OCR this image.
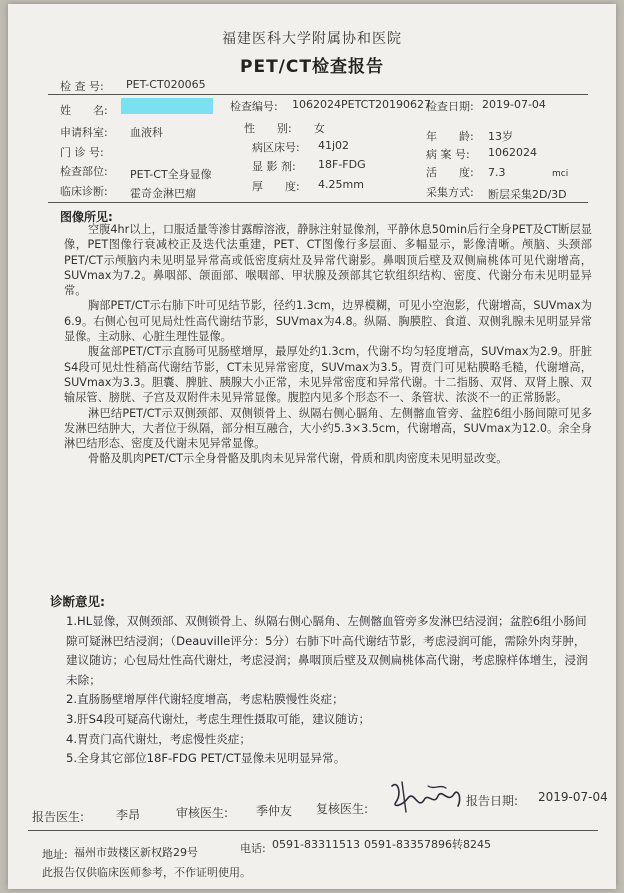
福建医科大学附属协和医院
PET/CT检查报告
检 查 号: PET-CT020065
检查编号: 1062024PETCT20190627
检查日期: 2019-07-04
姓　　名:
性　　别: 女
申请科室: 血液科	年　　龄: 13岁
门 诊 号:	病区床号: 41j02
病 案 号: 1062024
检查部位: PET-CT全身显像
显 影 剂: 18F-FDG
活　　度: 7.3	mci
临床诊断: 霍奇金淋巴瘤
厚　　度: 4.25mm
采集方式: 断层采集2D/3D
图像所见:

空腹4hr以上，口服适量等渗甘露醇溶液，静脉注射显像剂，平静休息50min后行全身PET及CT断层显像，PET图像行衰减校正及迭代法重建，PET、CT图像行多层面、多幅显示，影像清晰。颅脑、头颈部PET/CT示颅脑内未见明显异常高或低密度病灶及异常代谢影。鼻咽顶后壁及双侧扁桃体可见代谢增高，SUVmax为7.2。鼻咽部、颌面部、喉咽部、甲状腺及颈部其它软组织结构、密度、代谢分布未见明显异常。

胸部PET/CT示右肺下叶可见结节影，径约1.3cm，边界模糊，可见小空泡影，代谢增高，SUVmax为6.9。右侧心包可见局灶性高代谢结节影，SUVmax为4.8。纵隔、胸膜腔、食道、双侧乳腺未见明显异常显像。主动脉、心脏生理性显像。

腹盆部PET/CT示直肠可见肠壁增厚，最厚处约1.3cm，代谢不均匀轻度增高，SUVmax为2.9。肝脏S4段可见灶性稍高代谢结节影，CT未见异常密度，SUVmax为3.5。胃贲门可见粘膜略毛糙，代谢增高，SUVmax为3.3。胆囊、脾脏、胰腺大小正常，未见异常密度和异常代谢。十二指肠、双肾、双肾上腺、双输尿管、膀胱、子宫及双附件未见异常显像。腹腔内见多个形态不一、条管状、浓淡不一的正常肠影。

淋巴结PET/CT示双侧颈部、双侧锁骨上、纵隔右侧心膈角、左侧髂血管旁、盆腔6组小肠间隙可见多发淋巴结肿大，大者位于纵隔，部分相互融合，大小约5.3×3.5cm，代谢增高，SUVmax为12.0。余全身淋巴结形态、密度及代谢未见异常显像。

骨骼及肌肉PET/CT示全身骨骼及肌肉未见异常代谢，骨质和肌肉密度未见明显改变。

诊断意见:

1.HL显像，双侧颈部、双侧锁骨上、纵隔右侧心膈角、左侧髂血管旁多发淋巴结浸润；盆腔6组小肠间隙可疑淋巴结浸润；（Deauville评分：5分）右肺下叶高代谢结节影，考虑浸润可能，需除外肉芽肿，建议随访；心包局灶性高代谢灶，考虑浸润；鼻咽顶后壁及双侧扁桃体高代谢，考虑腺样体增生，浸润未除；

2.直肠肠壁增厚伴代谢轻度增高，考虑粘膜慢性炎症；

3.肝S4段可疑高代谢灶，考虑生理性摄取可能，建议随访；

4.胃贲门高代谢灶，考虑慢性炎症；

5.全身其它部位18F-FDG PET/CT显像未见明显异常。

报告医生:	李昂	审核医生: 季仲友 复核医生:
报告日期: 2019-07-04
地址: 福州市鼓楼区新权路29号	电话: 0591-83311513 0591-83357896转8245
此报告仅供临床医师参考，不作证明使用。
